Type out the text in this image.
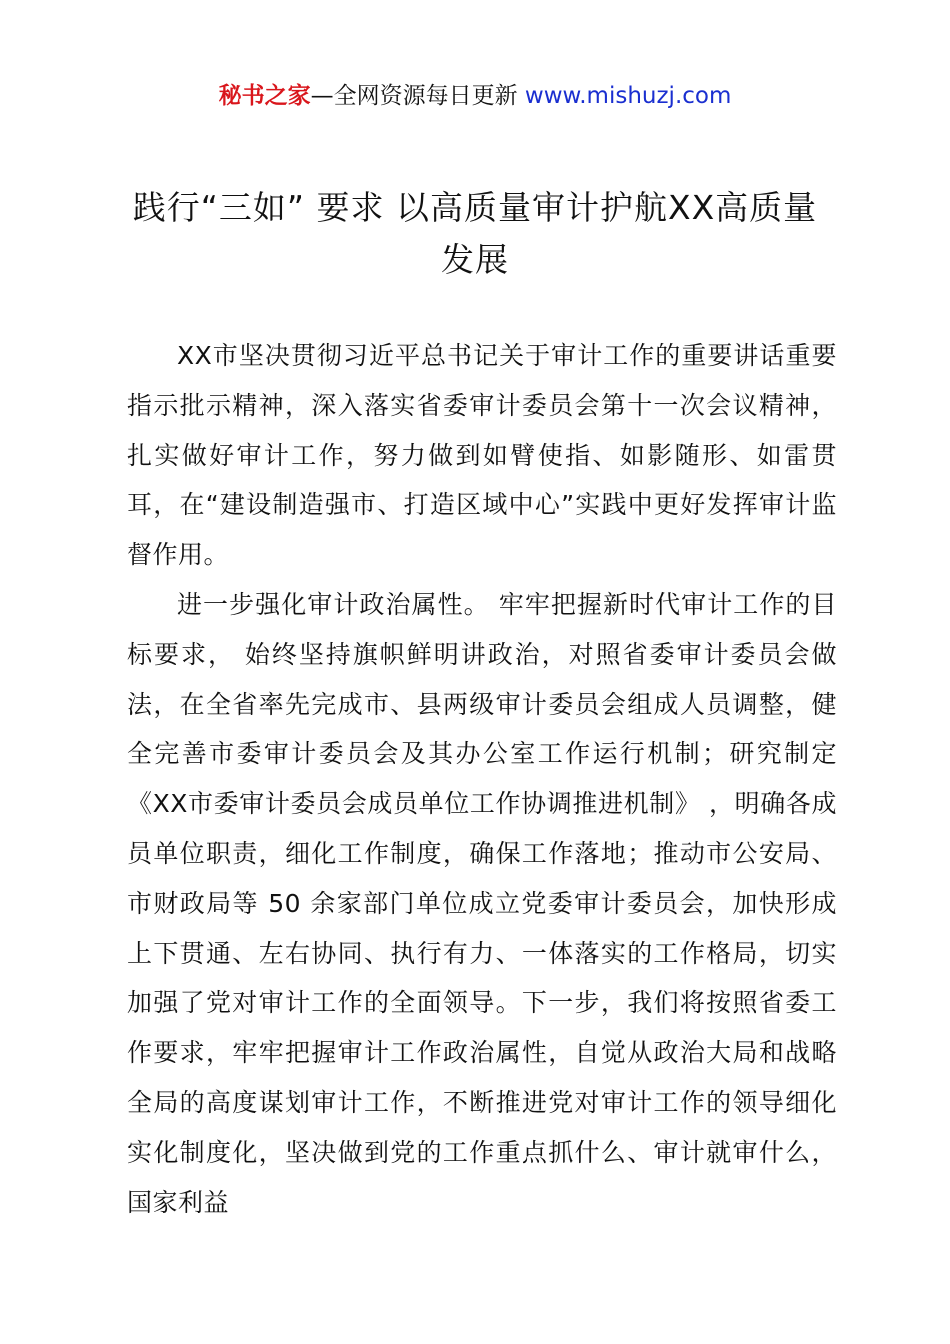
秘书之家—全网资源每日更新 www.mishuzj.com
践行“三如” 要求 以高质量审计护航XX高质量发展

XX市坚决贯彻习近平总书记关于审计工作的重要讲话重要指示批示精神，深入落实省委审计委员会第十一次会议精神，扎实做好审计工作，努力做到如臂使指、如影随形、如雷贯耳，在“建设制造强市、打造区域中心”实践中更好发挥审计监督作用。

进一步强化审计政治属性。 牢牢把握新时代审计工作的目标要求， 始终坚持旗帜鲜明讲政治，对照省委审计委员会做法，在全省率先完成市、县两级审计委员会组成人员调整，健全完善市委审计委员会及其办公室工作运行机制；研究制定《XX市委审计委员会成员单位工作协调推进机制》 ，明确各成员单位职责，细化工作制度，确保工作落地；推动市公安局、市财政局等 50 余家部门单位成立党委审计委员会，加快形成上下贯通、左右协同、执行有力、一体落实的工作格局，切实加强了党对审计工作的全面领导。下一步，我们将按照省委工作要求，牢牢把握审计工作政治属性，自觉从政治大局和战略全局的高度谋划审计工作，不断推进党对审计工作的领导细化实化制度化，坚决做到党的工作重点抓什么、审计就审什么，国家利益
